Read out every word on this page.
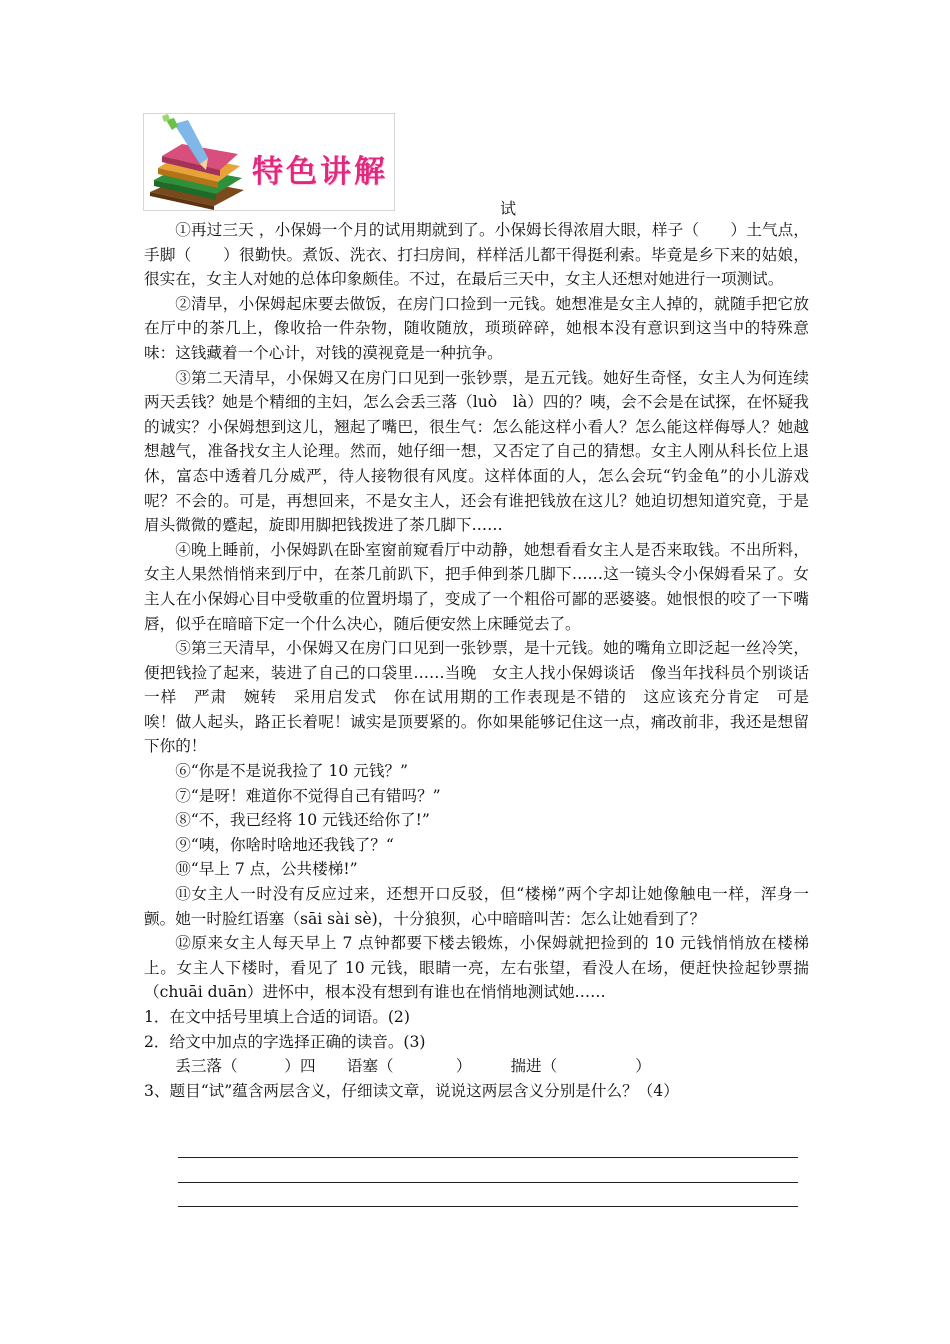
特色讲解
试

①再过三天 ，小保姆一个月的试用期就到了。小保姆长得浓眉大眼，样子（　　）土气点，手脚（　　）很勤快。煮饭、洗衣、打扫房间，样样活儿都干得挺利索。毕竟是乡下来的姑娘，很实在，女主人对她的总体印象颇佳。不过，在最后三天中，女主人还想对她进行一项测试。

②清早，小保姆起床要去做饭，在房门口捡到一元钱。她想准是女主人掉的，就随手把它放在厅中的茶几上，像收拾一件杂物，随收随放，琐琐碎碎，她根本没有意识到这当中的特殊意味：这钱藏着一个心计，对钱的漠视竟是一种抗争。

③第二天清早，小保姆又在房门口见到一张钞票，是五元钱。她好生奇怪，女主人为何连续两天丢钱？她是个精细的主妇，怎么会丢三落（luò　là）四的？咦，会不会是在试探，在怀疑我的诚实？小保姆想到这儿，翘起了嘴巴，很生气：怎么能这样小看人？怎么能这样侮辱人？她越想越气，准备找女主人论理。然而，她仔细一想，又否定了自己的猜想。女主人刚从科长位上退休，富态中透着几分威严，待人接物很有风度。这样体面的人，怎么会玩“钓金龟”的小儿游戏呢？不会的。可是，再想回来，不是女主人，还会有谁把钱放在这儿？她迫切想知道究竟，于是眉头微微的蹙起，旋即用脚把钱拨进了茶几脚下……

④晚上睡前，小保姆趴在卧室窗前窥看厅中动静，她想看看女主人是否来取钱。不出所料，女主人果然悄悄来到厅中，在茶几前趴下，把手伸到茶几脚下……这一镜头令小保姆看呆了。女主人在小保姆心目中受敬重的位置坍塌了，变成了一个粗俗可鄙的恶婆婆。她恨恨的咬了一下嘴唇，似乎在暗暗下定一个什么决心，随后便安然上床睡觉去了。

⑤第三天清早，小保姆又在房门口见到一张钞票，是十元钱。她的嘴角立即泛起一丝冷笑，便把钱捡了起来，装进了自己的口袋里……当晚　女主人找小保姆谈话　像当年找科员个别谈话一样　严肃　婉转　采用启发式　你在试用期的工作表现是不错的　这应该充分肯定　可是　唉！做人起头，路正长着呢！诚实是顶要紧的。你如果能够记住这一点，痛改前非，我还是想留下你的！

⑥“你是不是说我捡了 10 元钱？”

⑦“是呀！难道你不觉得自己有错吗？”

⑧“不，我已经将 10 元钱还给你了!”

⑨“咦，你啥时啥地还我钱了？“

⑩“早上 7 点，公共楼梯!”

⑪女主人一时没有反应过来，还想开口反驳，但“楼梯”两个字却让她像触电一样，浑身一颤。她一时脸红语塞（sāi sài sè)，十分狼狈，心中暗暗叫苦：怎么让她看到了？

⑫原来女主人每天早上 7 点钟都要下楼去锻炼，小保姆就把捡到的 10 元钱悄悄放在楼梯上。女主人下楼时，看见了 10 元钱，眼睛一亮，左右张望，看没人在场，便赶快捡起钞票揣（chuāi duān）进怀中，根本没有想到有谁也在悄悄地测试她……

1．在文中括号里填上合适的词语。(2)

2．给文中加点的字选择正确的读音。(3)

丢三落（　　　）四　　语塞（　　　　）　　　揣进（　　　　　）

3、题目“试”蕴含两层含义，仔细读文章，说说这两层含义分别是什么？（4）
